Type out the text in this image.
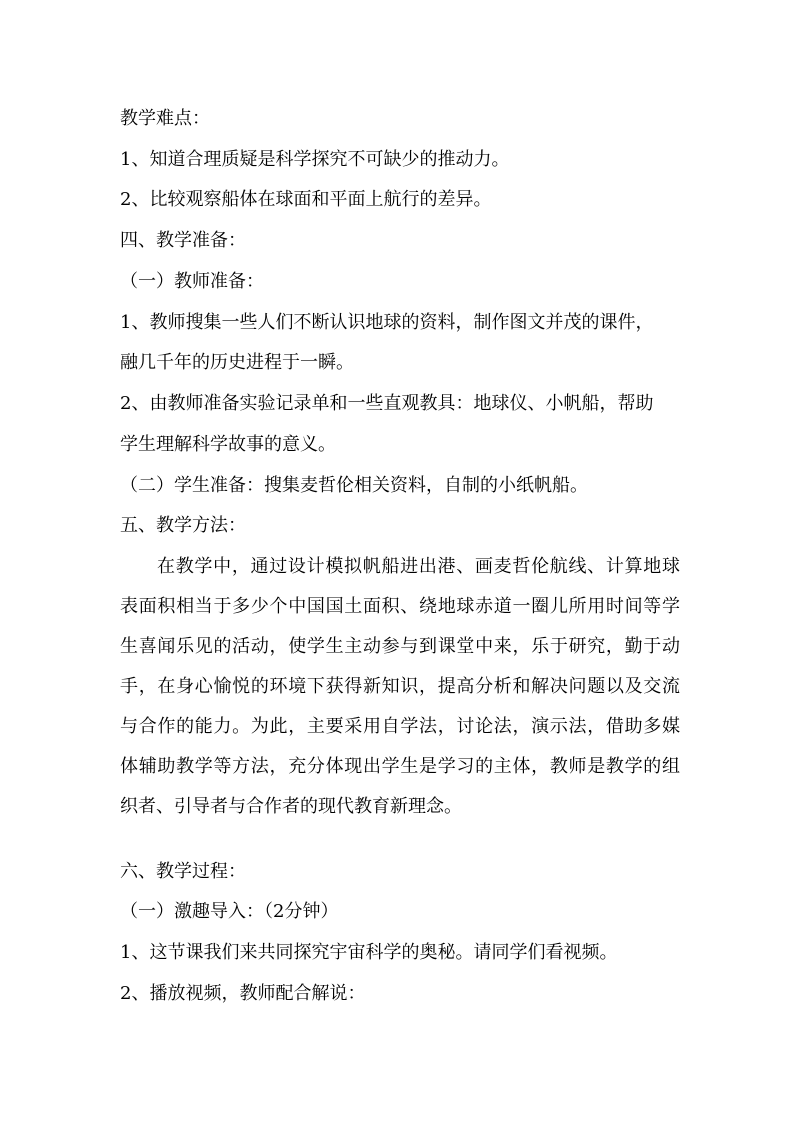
教学难点：
1、知道合理质疑是科学探究不可缺少的推动力。
2、比较观察船体在球面和平面上航行的差异。
四、教学准备：
（一）教师准备：
1、教师搜集一些人们不断认识地球的资料，制作图文并茂的课件，
融几千年的历史进程于一瞬。
2、由教师准备实验记录单和一些直观教具：地球仪、小帆船，帮助
学生理解科学故事的意义。
（二）学生准备：搜集麦哲伦相关资料，自制的小纸帆船。
五、教学方法：
在教学中，通过设计模拟帆船进出港、画麦哲伦航线、计算地球
表面积相当于多少个中国国土面积、绕地球赤道一圈儿所用时间等学
生喜闻乐见的活动，使学生主动参与到课堂中来，乐于研究，勤于动
手，在身心愉悦的环境下获得新知识，提高分析和解决问题以及交流
与合作的能力。为此，主要采用自学法，讨论法，演示法，借助多媒
体辅助教学等方法，充分体现出学生是学习的主体，教师是教学的组
织者、引导者与合作者的现代教育新理念。
六、教学过程：
（一）激趣导入：（2分钟）
1、这节课我们来共同探究宇宙科学的奥秘。请同学们看视频。
2、播放视频，教师配合解说：
